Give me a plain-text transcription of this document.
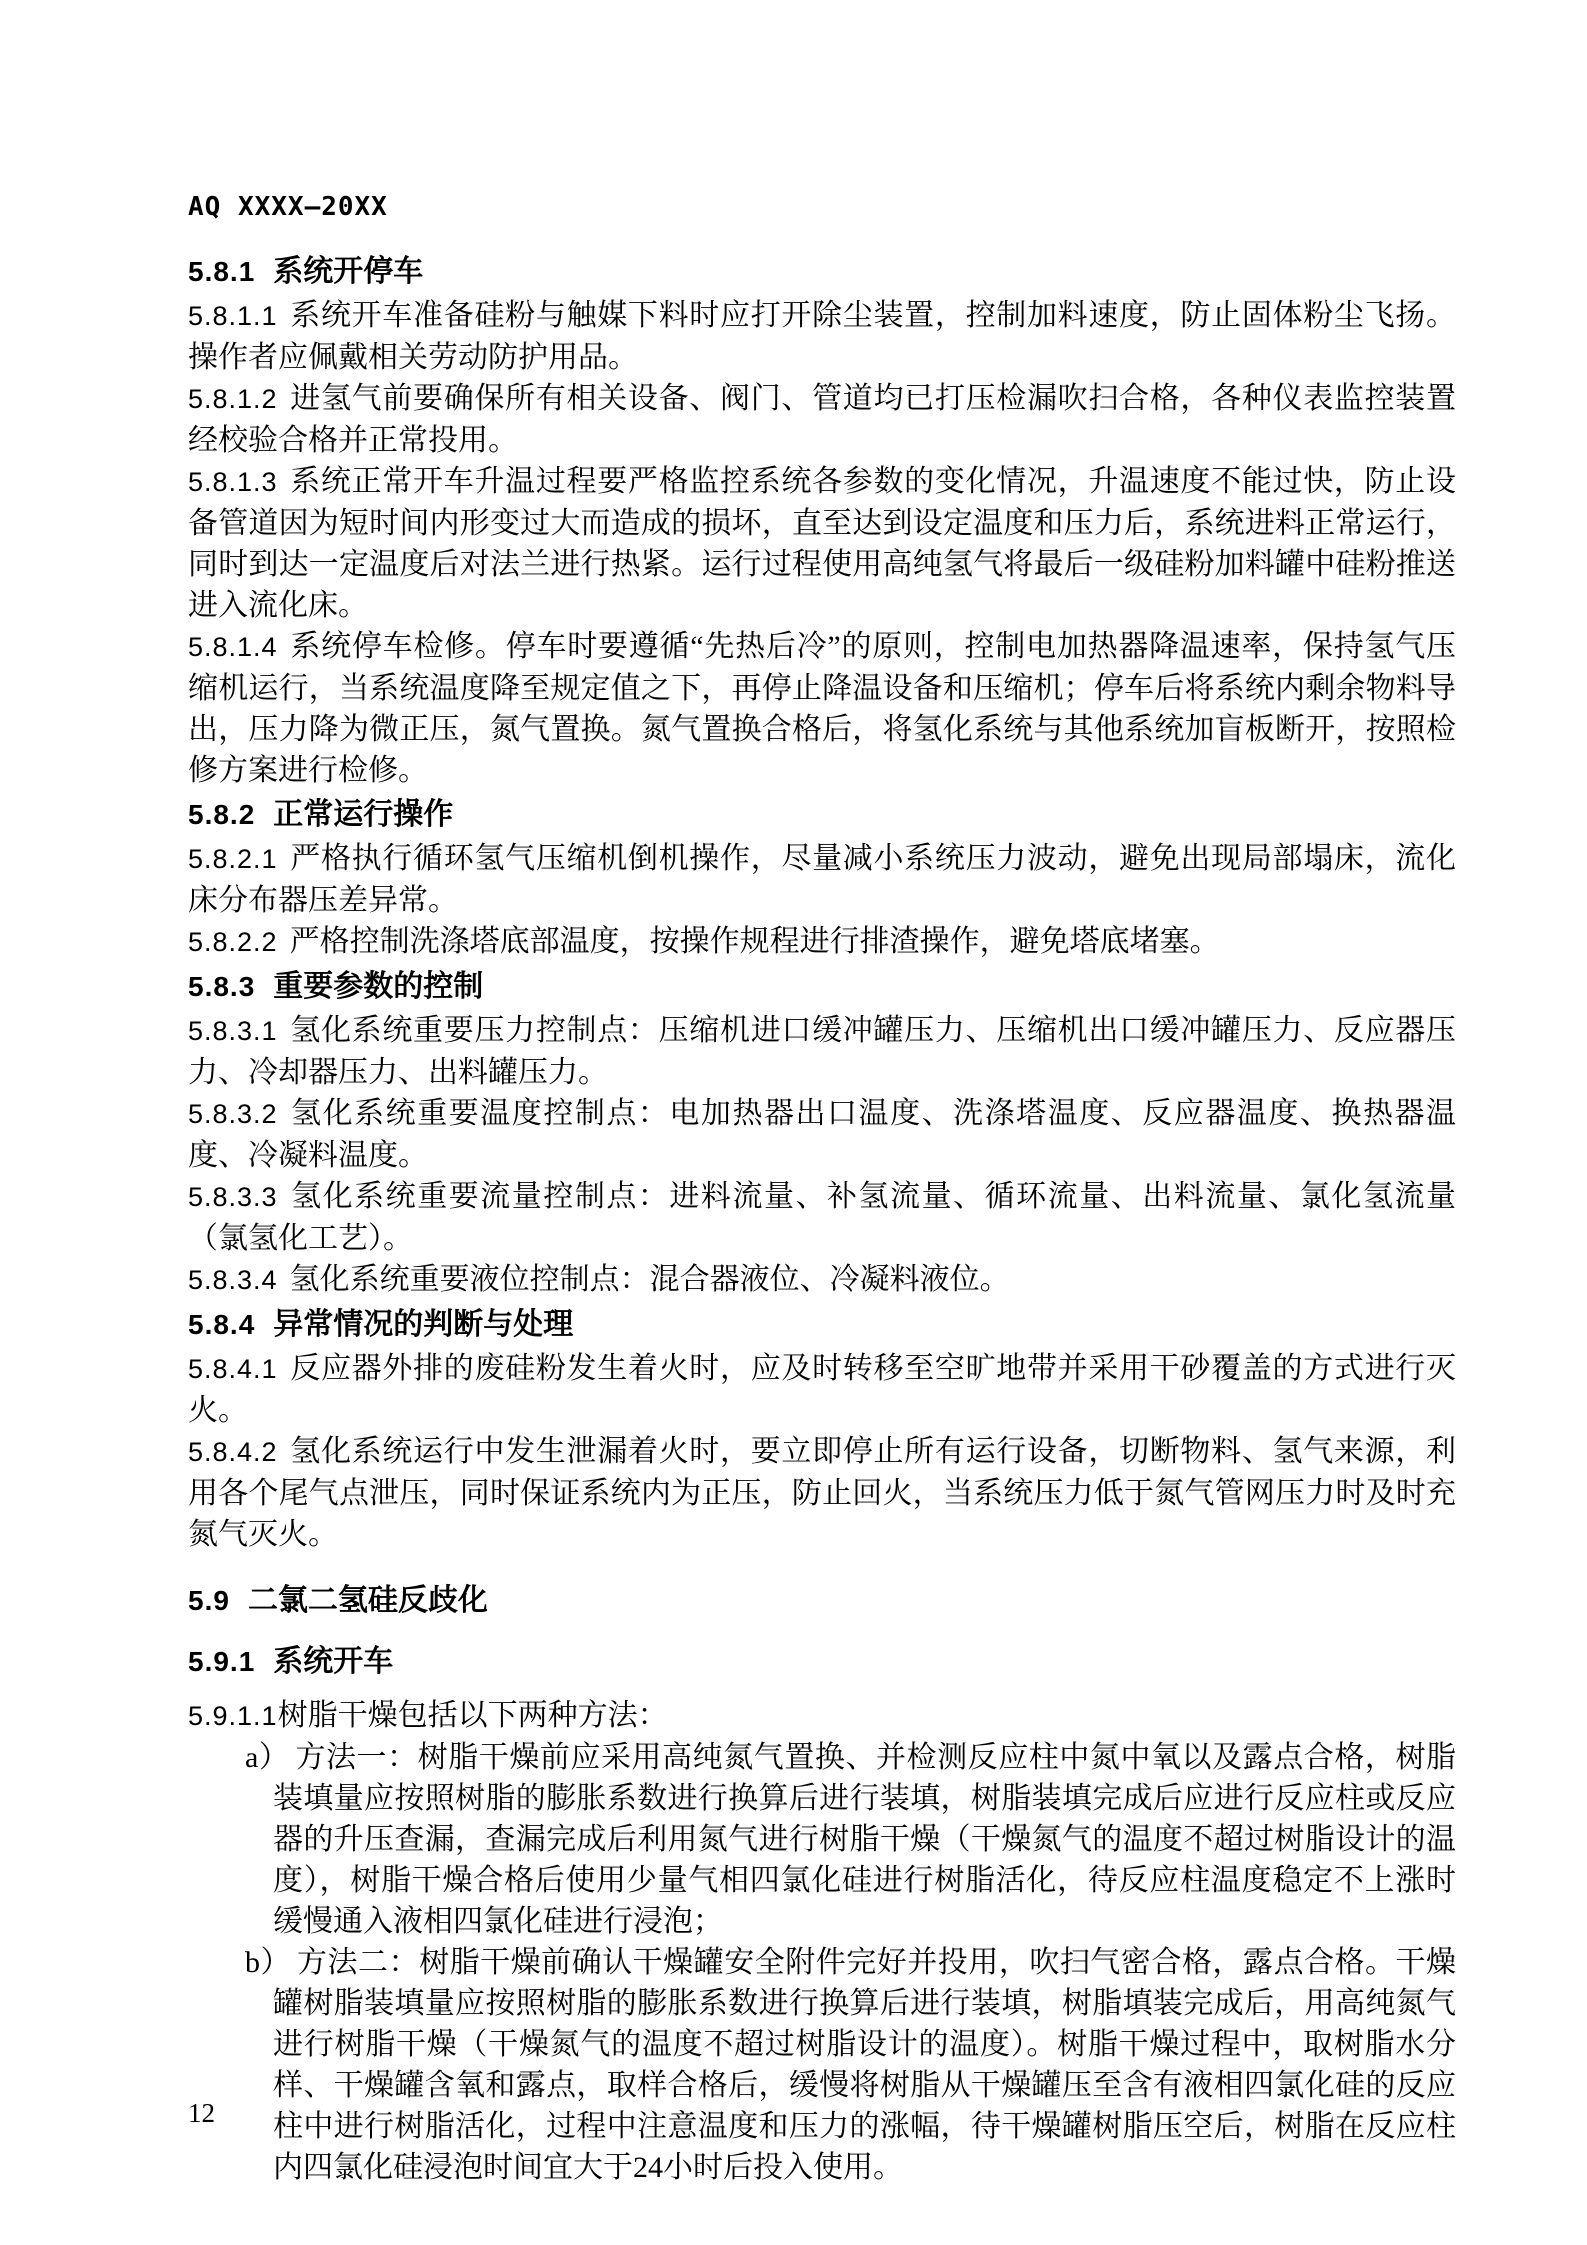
AQ XXXX—20XX
5.8.1 系统开停车

5.8.1.1 系统开车准备硅粉与触媒下料时应打开除尘装置，控制加料速度，防止固体粉尘飞扬。操作者应佩戴相关劳动防护用品。

5.8.1.2 进氢气前要确保所有相关设备、阀门、管道均已打压检漏吹扫合格，各种仪表监控装置经校验合格并正常投用。

5.8.1.3 系统正常开车升温过程要严格监控系统各参数的变化情况，升温速度不能过快，防止设备管道因为短时间内形变过大而造成的损坏，直至达到设定温度和压力后，系统进料正常运行，同时到达一定温度后对法兰进行热紧。运行过程使用高纯氢气将最后一级硅粉加料罐中硅粉推送进入流化床。

5.8.1.4 系统停车检修。停车时要遵循“先热后冷”的原则，控制电加热器降温速率，保持氢气压缩机运行，当系统温度降至规定值之下，再停止降温设备和压缩机；停车后将系统内剩余物料导出，压力降为微正压，氮气置换。氮气置换合格后，将氢化系统与其他系统加盲板断开，按照检修方案进行检修。

5.8.2 正常运行操作

5.8.2.1 严格执行循环氢气压缩机倒机操作，尽量减小系统压力波动，避免出现局部塌床，流化床分布器压差异常。

5.8.2.2 严格控制洗涤塔底部温度，按操作规程进行排渣操作，避免塔底堵塞。

5.8.3 重要参数的控制

5.8.3.1 氢化系统重要压力控制点：压缩机进口缓冲罐压力、压缩机出口缓冲罐压力、反应器压力、冷却器压力、出料罐压力。

5.8.3.2 氢化系统重要温度控制点：电加热器出口温度、洗涤塔温度、反应器温度、换热器温度、冷凝料温度。

5.8.3.3 氢化系统重要流量控制点：进料流量、补氢流量、循环流量、出料流量、氯化氢流量（氯氢化工艺）。

5.8.3.4 氢化系统重要液位控制点：混合器液位、冷凝料液位。

5.8.4 异常情况的判断与处理

5.8.4.1 反应器外排的废硅粉发生着火时，应及时转移至空旷地带并采用干砂覆盖的方式进行灭火。

5.8.4.2 氢化系统运行中发生泄漏着火时，要立即停止所有运行设备，切断物料、氢气来源，利用各个尾气点泄压，同时保证系统内为正压，防止回火，当系统压力低于氮气管网压力时及时充氮气灭火。

5.9 二氯二氢硅反歧化
5.9.1 系统开车

5.9.1.1树脂干燥包括以下两种方法：

a） 方法一：树脂干燥前应采用高纯氮气置换、并检测反应柱中氮中氧以及露点合格，树脂装填量应按照树脂的膨胀系数进行换算后进行装填，树脂装填完成后应进行反应柱或反应器的升压查漏，查漏完成后利用氮气进行树脂干燥（干燥氮气的温度不超过树脂设计的温度），树脂干燥合格后使用少量气相四氯化硅进行树脂活化，待反应柱温度稳定不上涨时缓慢通入液相四氯化硅进行浸泡；
b） 方法二：树脂干燥前确认干燥罐安全附件完好并投用，吹扫气密合格，露点合格。干燥罐树脂装填量应按照树脂的膨胀系数进行换算后进行装填，树脂填装完成后，用高纯氮气进行树脂干燥（干燥氮气的温度不超过树脂设计的温度）。树脂干燥过程中，取树脂水分样、干燥罐含氧和露点，取样合格后，缓慢将树脂从干燥罐压至含有液相四氯化硅的反应柱中进行树脂活化，过程中注意温度和压力的涨幅，待干燥罐树脂压空后，树脂在反应柱内四氯化硅浸泡时间宜大于24小时后投入使用。
12
